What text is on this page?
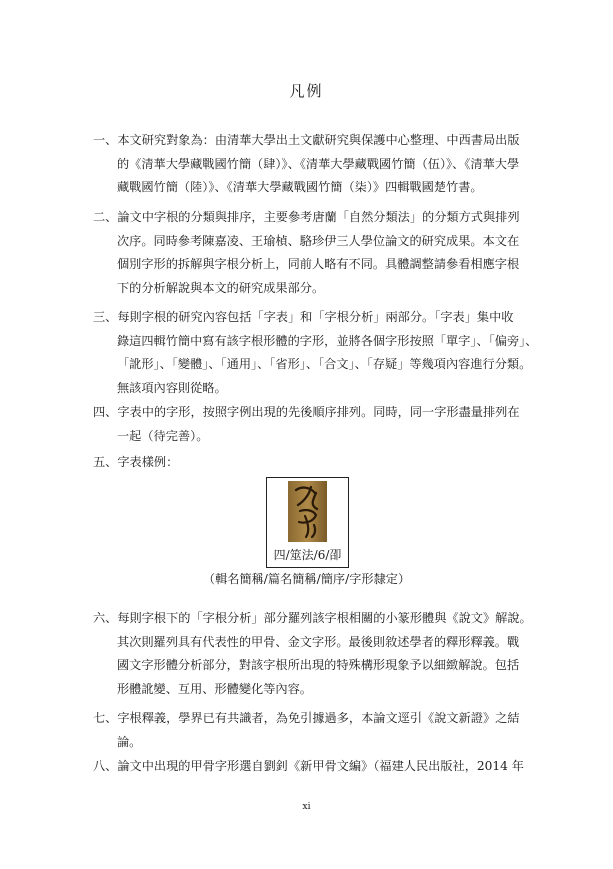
凡例
一、本文研究對象為：由清華大學出土文獻研究與保護中心整理、中西書局出版
的《清華大學藏戰國竹簡（肆）》、《清華大學藏戰國竹簡（伍）》、《清華大學
藏戰國竹簡（陸）》、《清華大學藏戰國竹簡（柒）》四輯戰國楚竹書。
二、論文中字根的分類與排序，主要參考唐蘭「自然分類法」的分類方式與排列
次序。同時參考陳嘉凌、王瑜楨、駱珍伊三人學位論文的研究成果。本文在
個別字形的拆解與字根分析上，同前人略有不同。具體調整請參看相應字根
下的分析解說與本文的研究成果部分。
三、每則字根的研究內容包括「字表」和「字根分析」兩部分。「字表」集中收
錄這四輯竹簡中寫有該字根形體的字形，並將各個字形按照「單字」、「偏旁」、
「訛形」、「變體」、「通用」、「省形」、「合文」、「存疑」等幾項內容進行分類。
無該項內容則從略。
四、字表中的字形，按照字例出現的先後順序排列。同時，同一字形盡量排列在
一起（待完善）。
五、字表樣例：
四/筮法/6/卲
（輯名簡稱/篇名簡稱/簡序/字形隸定）
六、每則字根下的「字根分析」部分羅列該字根相關的小篆形體與《說文》解說。
其次則羅列具有代表性的甲骨、金文字形。最後則敘述學者的釋形釋義。戰
國文字形體分析部分，對該字根所出現的特殊構形現象予以細緻解說。包括
形體訛變、互用、形體變化等內容。
七、字根釋義，學界已有共識者，為免引據過多，本論文逕引《說文新證》之結
論。
八、論文中出現的甲骨字形選自劉釗《新甲骨文編》（福建人民出版社，2014 年
xi
